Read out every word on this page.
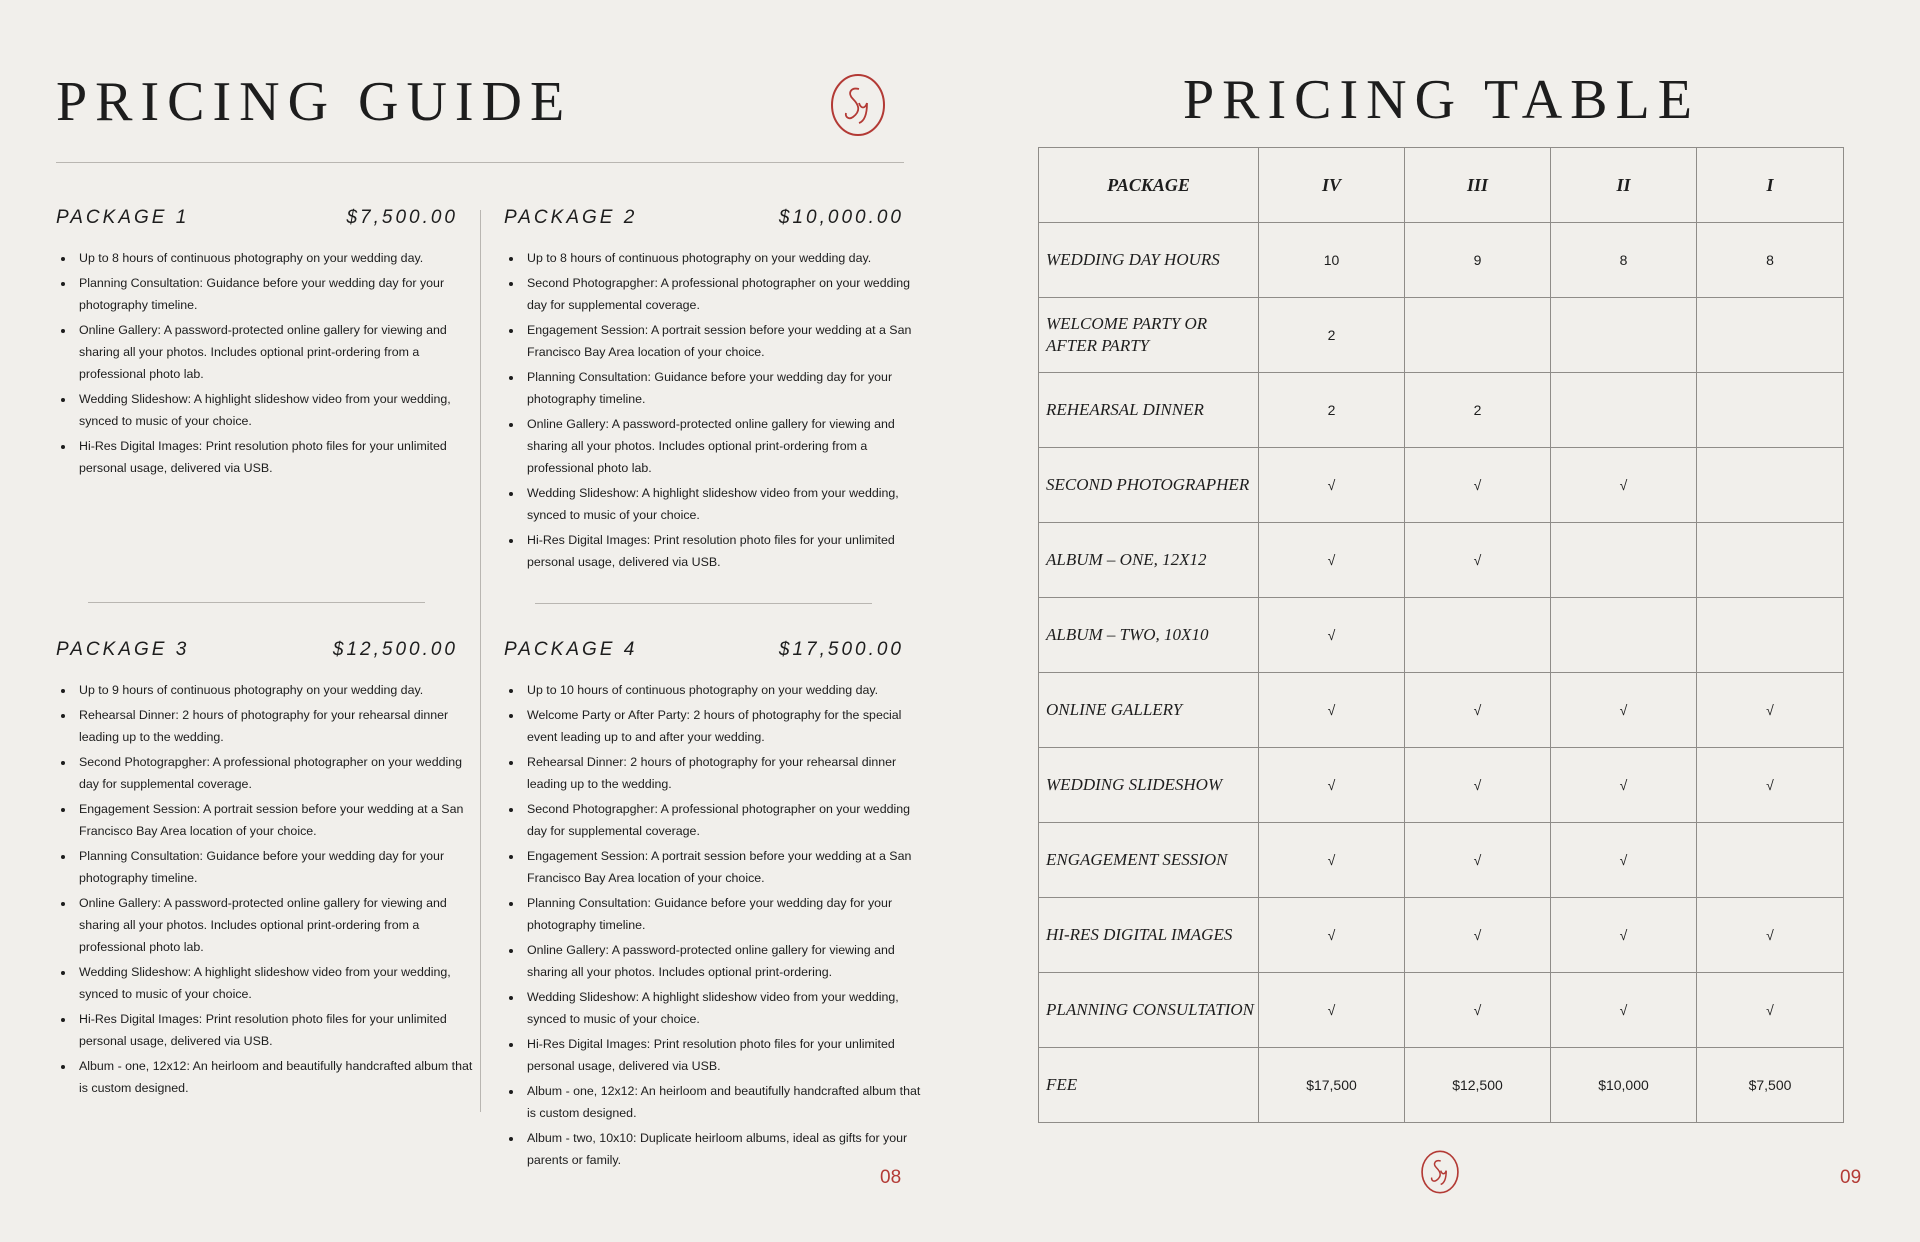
PRICING GUIDE
PACKAGE 1	$7,500.00
• Up to 8 hours of continuous photography on your wedding day.
• Planning Consultation: Guidance before your wedding day for your photography timeline.
• Online Gallery: A password-protected online gallery for viewing and sharing all your photos. Includes optional print-ordering from a professional photo lab.
• Wedding Slideshow: A highlight slideshow video from your wedding, synced to music of your choice.
• Hi-Res Digital Images: Print resolution photo files for your unlimited personal usage, delivered via USB.
PACKAGE 2	$10,000.00
• Up to 8 hours of continuous photography on your wedding day.
• Second Photograpgher: A professional photographer on your wedding day for supplemental coverage.
• Engagement Session: A portrait session before your wedding at a San Francisco Bay Area location of your choice.
• Planning Consultation: Guidance before your wedding day for your photography timeline.
• Online Gallery: A password-protected online gallery for viewing and sharing all your photos. Includes optional print-ordering from a professional photo lab.
• Wedding Slideshow: A highlight slideshow video from your wedding, synced to music of your choice.
• Hi-Res Digital Images: Print resolution photo files for your unlimited personal usage, delivered via USB.
PACKAGE 3	$12,500.00
• Up to 9 hours of continuous photography on your wedding day.
• Rehearsal Dinner: 2 hours of photography for your rehearsal dinner leading up to the wedding.
• Second Photograpgher: A professional photographer on your wedding day for supplemental coverage.
• Engagement Session: A portrait session before your wedding at a San Francisco Bay Area location of your choice.
• Planning Consultation: Guidance before your wedding day for your photography timeline.
• Online Gallery: A password-protected online gallery for viewing and sharing all your photos. Includes optional print-ordering from a professional photo lab.
• Wedding Slideshow: A highlight slideshow video from your wedding, synced to music of your choice.
• Hi-Res Digital Images: Print resolution photo files for your unlimited personal usage, delivered via USB.
• Album - one, 12x12: An heirloom and beautifully handcrafted album that is custom designed.
PACKAGE 4	$17,500.00
• Up to 10 hours of continuous photography on your wedding day.
• Welcome Party or After Party: 2 hours of photography for the special event leading up to and after your wedding.
• Rehearsal Dinner: 2 hours of photography for your rehearsal dinner leading up to the wedding.
• Second Photograpgher: A professional photographer on your wedding day for supplemental coverage.
• Engagement Session: A portrait session before your wedding at a San Francisco Bay Area location of your choice.
• Planning Consultation: Guidance before your wedding day for your photography timeline.
• Online Gallery: A password-protected online gallery for viewing and sharing all your photos. Includes optional print-ordering.
• Wedding Slideshow: A highlight slideshow video from your wedding, synced to music of your choice.
• Hi-Res Digital Images: Print resolution photo files for your unlimited personal usage, delivered via USB.
• Album - one, 12x12: An heirloom and beautifully handcrafted album that is custom designed.
• Album - two, 10x10: Duplicate heirloom albums, ideal as gifts for your parents or family.
08
PRICING TABLE
PACKAGE	IV	III	II	I
WEDDING DAY HOURS	10	9	8	8
WELCOME PARTY OR AFTER PARTY	2			
REHEARSAL DINNER	2	2		
SECOND PHOTOGRAPHER	√	√	√	
ALBUM – ONE, 12X12	√	√		
ALBUM – TWO, 10X10	√			
ONLINE GALLERY	√	√	√	√
WEDDING SLIDESHOW	√	√	√	√
ENGAGEMENT SESSION	√	√	√	
HI-RES DIGITAL IMAGES	√	√	√	√
PLANNING CONSULTATION	√	√	√	√
FEE	$17,500	$12,500	$10,000	$7,500
09
